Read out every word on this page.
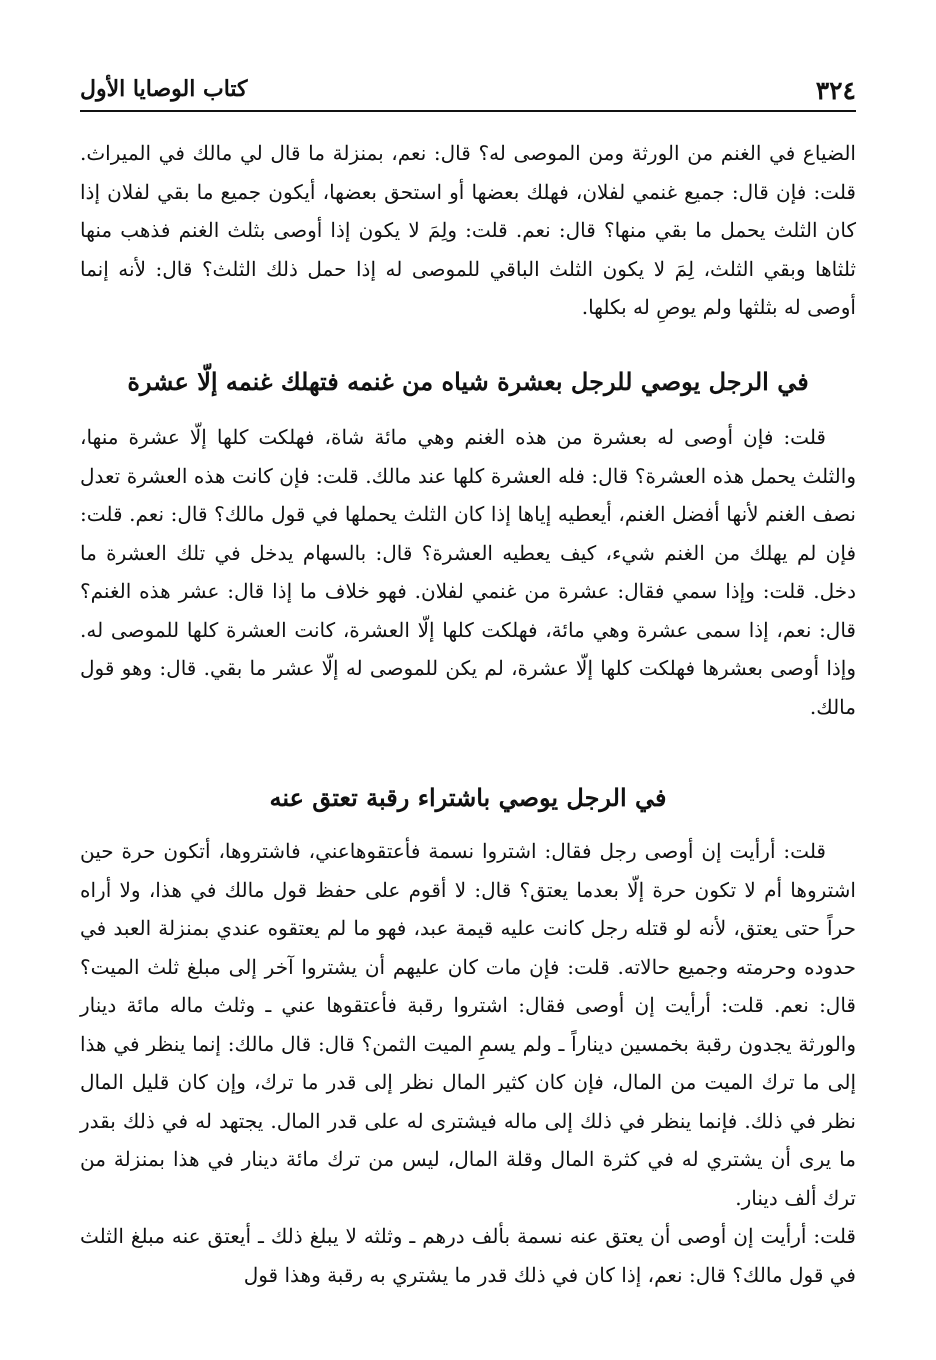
٣٢٤
كتاب الوصايا الأول

الضياع في الغنم من الورثة ومن الموصى له؟ قال: نعم، بمنزلة ما قال لي مالك في الميراث. قلت: فإن قال: جميع غنمي لفلان، فهلك بعضها أو استحق بعضها، أيكون جميع ما بقي لفلان إذا كان الثلث يحمل ما بقي منها؟ قال: نعم. قلت: ولِمَ لا يكون إذا أوصى بثلث الغنم فذهب منها ثلثاها وبقي الثلث، لِمَ لا يكون الثلث الباقي للموصى له إذا حمل ذلك الثلث؟ قال: لأنه إنما أوصى له بثلثها ولم يوصِ له بكلها.

في الرجل يوصي للرجل بعشرة شياه من غنمه فتهلك غنمه إلّا عشرة

قلت: فإن أوصى له بعشرة من هذه الغنم وهي مائة شاة، فهلكت كلها إلّا عشرة منها، والثلث يحمل هذه العشرة؟ قال: فله العشرة كلها عند مالك. قلت: فإن كانت هذه العشرة تعدل نصف الغنم لأنها أفضل الغنم، أيعطيه إياها إذا كان الثلث يحملها في قول مالك؟ قال: نعم. قلت: فإن لم يهلك من الغنم شيء، كيف يعطيه العشرة؟ قال: بالسهام يدخل في تلك العشرة ما دخل. قلت: وإذا سمي فقال: عشرة من غنمي لفلان. فهو خلاف ما إذا قال: عشر هذه الغنم؟ قال: نعم، إذا سمى عشرة وهي مائة، فهلكت كلها إلّا العشرة، كانت العشرة كلها للموصى له. وإذا أوصى بعشرها فهلكت كلها إلّا عشرة، لم يكن للموصى له إلّا عشر ما بقي. قال: وهو قول مالك.

في الرجل يوصي باشتراء رقبة تعتق عنه

قلت: أرأيت إن أوصى رجل فقال: اشتروا نسمة فأعتقوهاعني، فاشتروها، أتكون حرة حين اشتروها أم لا تكون حرة إلّا بعدما يعتق؟ قال: لا أقوم على حفظ قول مالك في هذا، ولا أراه حراً حتى يعتق، لأنه لو قتله رجل كانت عليه قيمة عبد، فهو ما لم يعتقوه عندي بمنزلة العبد في حدوده وحرمته وجميع حالاته. قلت: فإن مات كان عليهم أن يشتروا آخر إلى مبلغ ثلث الميت؟ قال: نعم. قلت: أرأيت إن أوصى فقال: اشتروا رقبة فأعتقوها عني ـ وثلث ماله مائة دينار والورثة يجدون رقبة بخمسين ديناراً ـ ولم يسمِ الميت الثمن؟ قال: قال مالك: إنما ينظر في هذا إلى ما ترك الميت من المال، فإن كان كثير المال نظر إلى قدر ما ترك، وإن كان قليل المال نظر في ذلك. فإنما ينظر في ذلك إلى ماله فيشترى له على قدر المال. يجتهد له في ذلك بقدر ما يرى أن يشتري له في كثرة المال وقلة المال، ليس من ترك مائة دينار في هذا بمنزلة من ترك ألف دينار.

قلت: أرأيت إن أوصى أن يعتق عنه نسمة بألف درهم ـ وثلثه لا يبلغ ذلك ـ أيعتق عنه مبلغ الثلث في قول مالك؟ قال: نعم، إذا كان في ذلك قدر ما يشتري به رقبة وهذا قول
